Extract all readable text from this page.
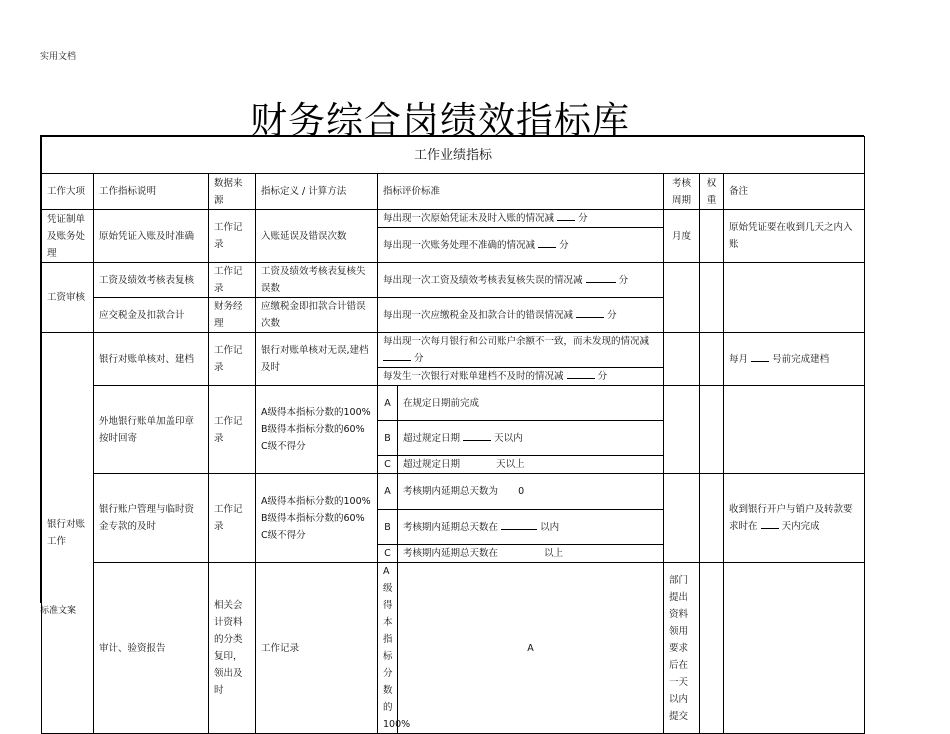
实用文档
财务综合岗绩效指标库
工作业绩指标									
工作大项	工作指标说明	数据来源	指标定义 / 计算方法	指标评价标准		考核周期	权重	备注	
凭证制单及账务处理	原始凭证入账及时准确	工作记录	入账延误及错误次数	每出现一次原始凭证未及时入账的情况减 分		月度		原始凭证要在收到几天之内入账	
				每出现一次账务处理不准确的情况减 分					
工资审核	工资及绩效考核表复核	工作记录	工资及绩效考核表复核失误数	每出现一次工资及绩效考核表复核失误的情况减 分					
	应交税金及扣款合计	财务经理	应缴税金即扣款合计错误次数	每出现一次应缴税金及扣款合计的错误情况减 分					
银行对账工作	银行对账单核对、建档	工作记录	银行对账单核对无误,建档及时	每出现一次每月银行和公司账户余额不一致，而未发现的情况减  分				每月 号前完成建档	
				每发生一次银行对账单建档不及时的情况减 分					
	外地银行账单加盖印章按时回寄	工作记录	A级得本指标分数的100%
B级得本指标分数的60%
C级不得分	A	在规定日期前完成				
				B	超过规定日期 天以内				
				C	超过规定日期 天以上				
	银行账户管理与临时资金专款的及时	工作记录	A级得本指标分数的100%
B级得本指标分数的60%
C级不得分	A	考核期内延期总天数为 0			收到银行开户与销户及转款要求时在 天内完成	
				B	考核期内延期总天数在 以内				
				C	考核期内延期总天数在 以上				
	审计、验资报告	相关会计资料的分类复印，领出及时	工作记录	A级得本指标分数的100%	A	部门提出资料领用要求后在一天以内提交			
标准文案
